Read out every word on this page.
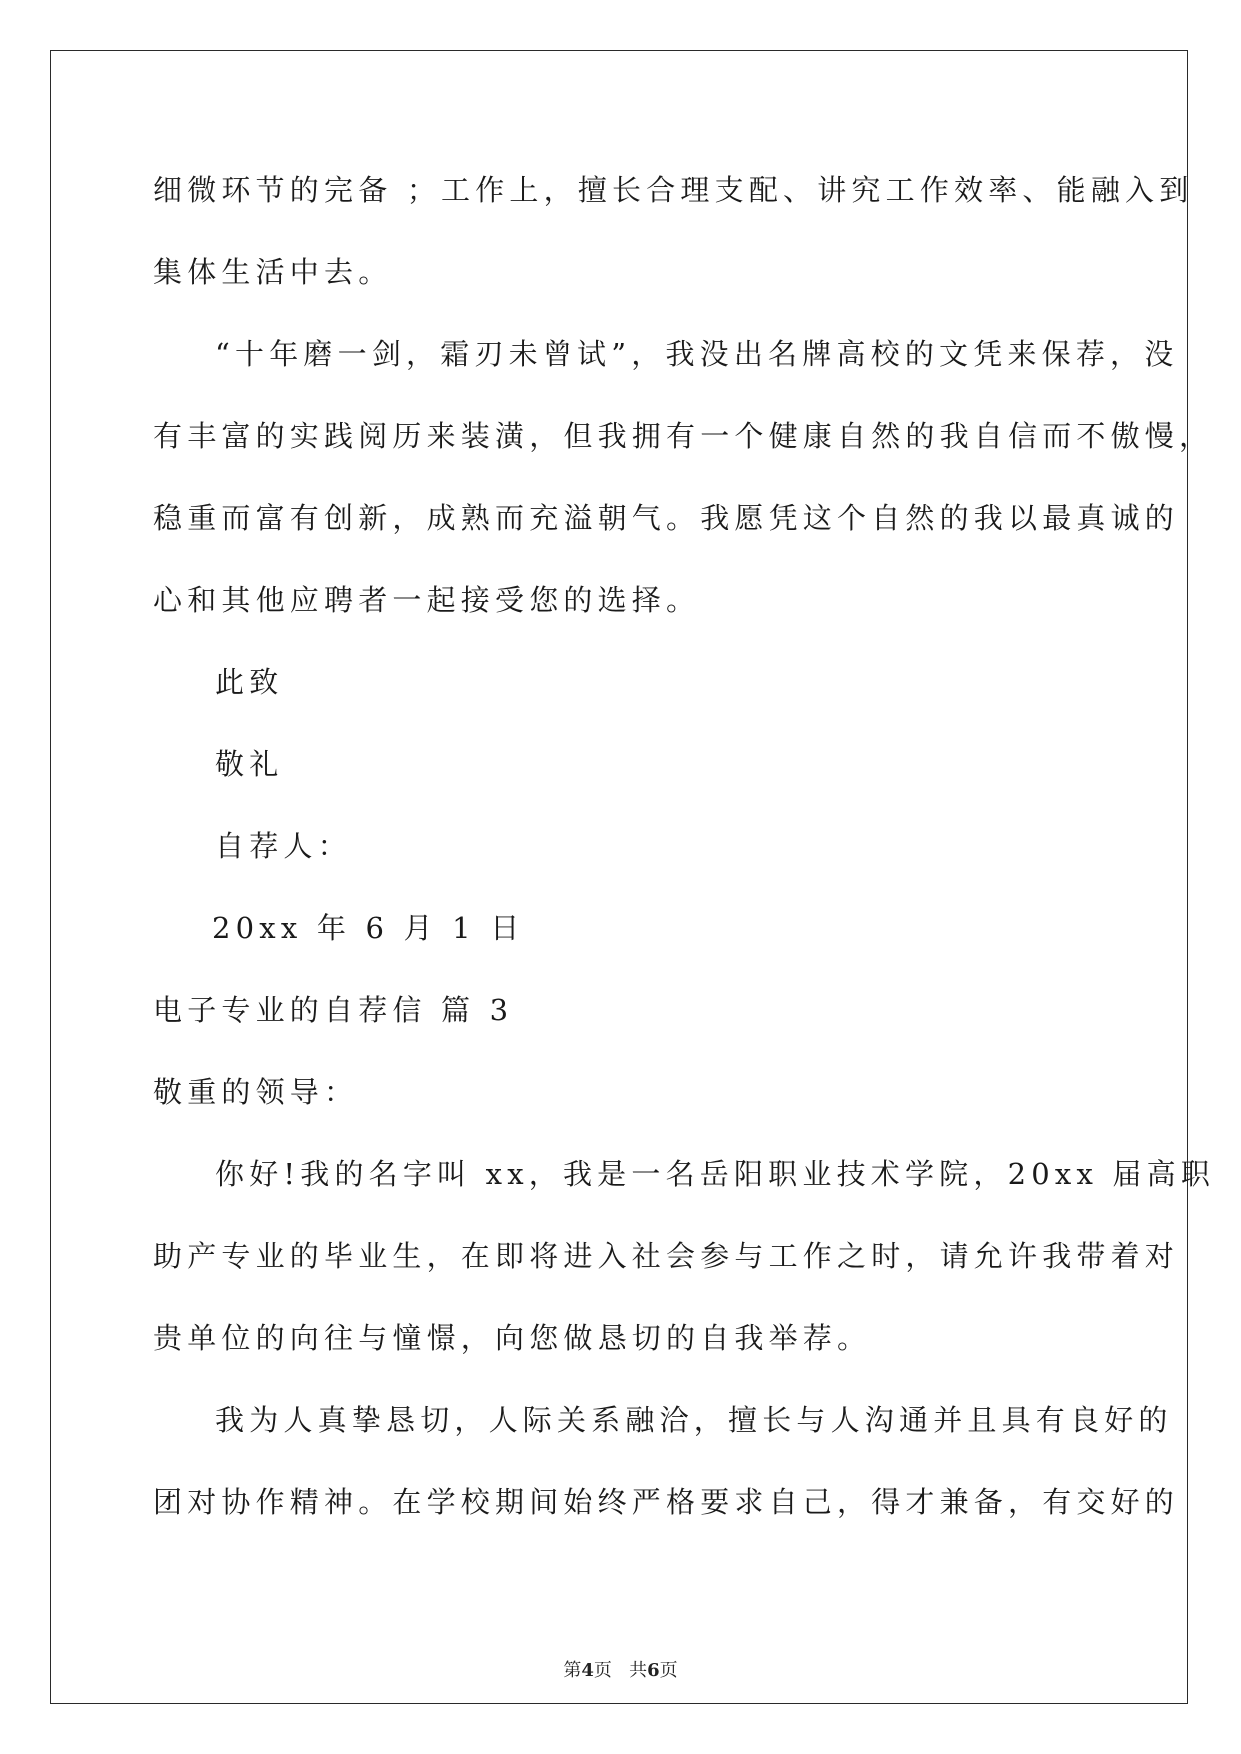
细微环节的完备 ；工作上，擅长合理支配、讲究工作效率、能融入到
集体生活中去。
“十年磨一剑，霜刃未曾试”，我没出名牌高校的文凭来保荐，没
有丰富的实践阅历来装潢，但我拥有一个健康自然的我自信而不傲慢，
稳重而富有创新，成熟而充溢朝气。我愿凭这个自然的我以最真诚的
心和其他应聘者一起接受您的选择。
此致
敬礼
自荐人：
20xx 年 6 月 1 日
电子专业的自荐信 篇 3
敬重的领导：
你好!我的名字叫 xx，我是一名岳阳职业技术学院，20xx 届高职
助产专业的毕业生，在即将进入社会参与工作之时，请允许我带着对
贵单位的向往与憧憬，向您做恳切的自我举荐。
我为人真挚恳切，人际关系融洽，擅长与人沟通并且具有良好的
团对协作精神。在学校期间始终严格要求自己，得才兼备，有交好的
第4页   共6页
